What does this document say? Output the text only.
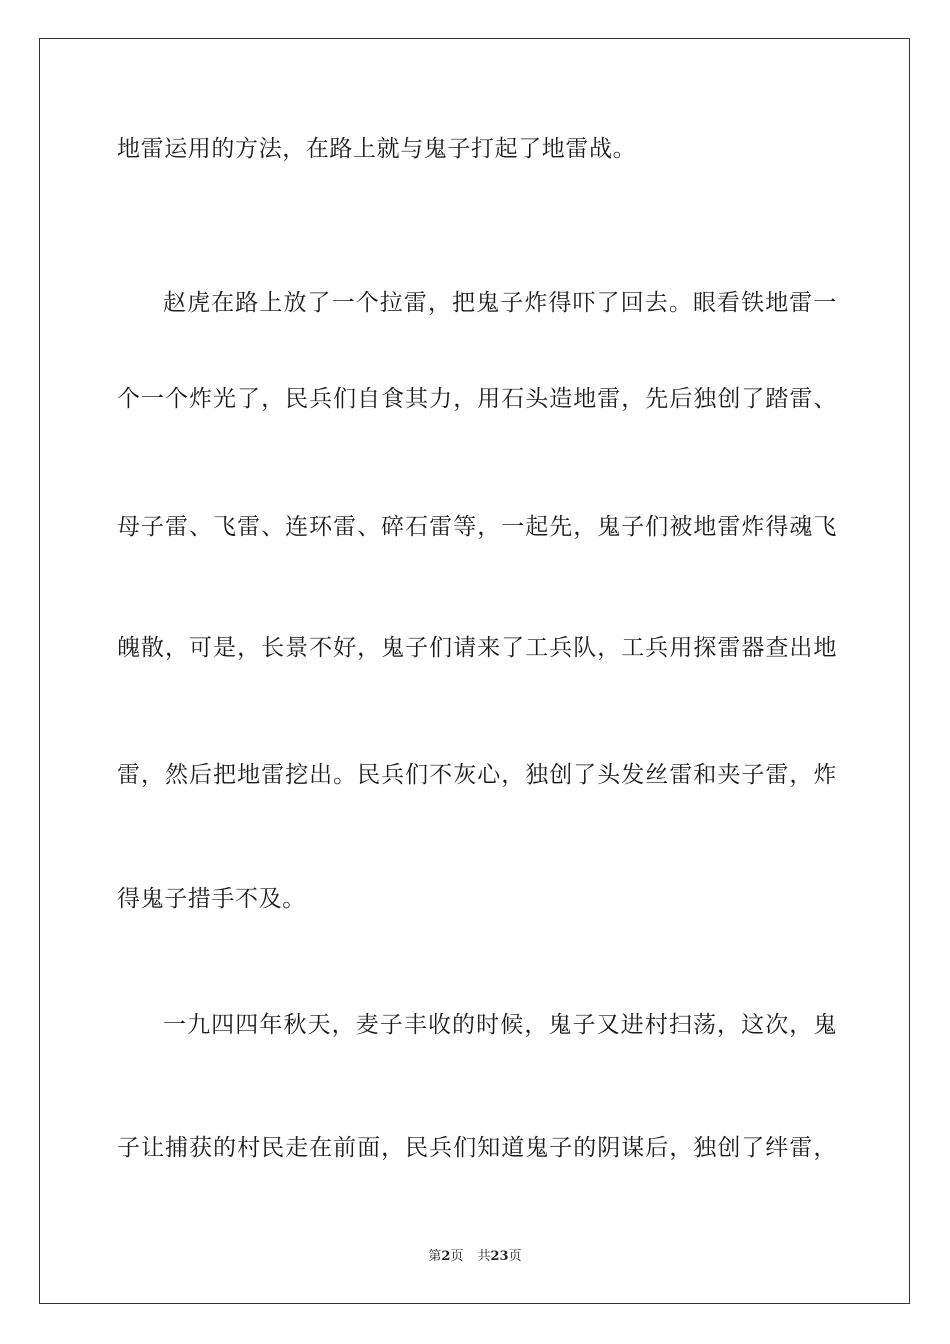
地雷运用的方法，在路上就与鬼子打起了地雷战。
赵虎在路上放了一个拉雷，把鬼子炸得吓了回去。眼看铁地雷一
个一个炸光了，民兵们自食其力，用石头造地雷，先后独创了踏雷、
母子雷、飞雷、连环雷、碎石雷等，一起先，鬼子们被地雷炸得魂飞
魄散，可是，长景不好，鬼子们请来了工兵队，工兵用探雷器查出地
雷，然后把地雷挖出。民兵们不灰心，独创了头发丝雷和夹子雷，炸
得鬼子措手不及。
一九四四年秋天，麦子丰收的时候，鬼子又进村扫荡，这次，鬼
子让捕获的村民走在前面，民兵们知道鬼子的阴谋后，独创了绊雷，
第2页 共23页
